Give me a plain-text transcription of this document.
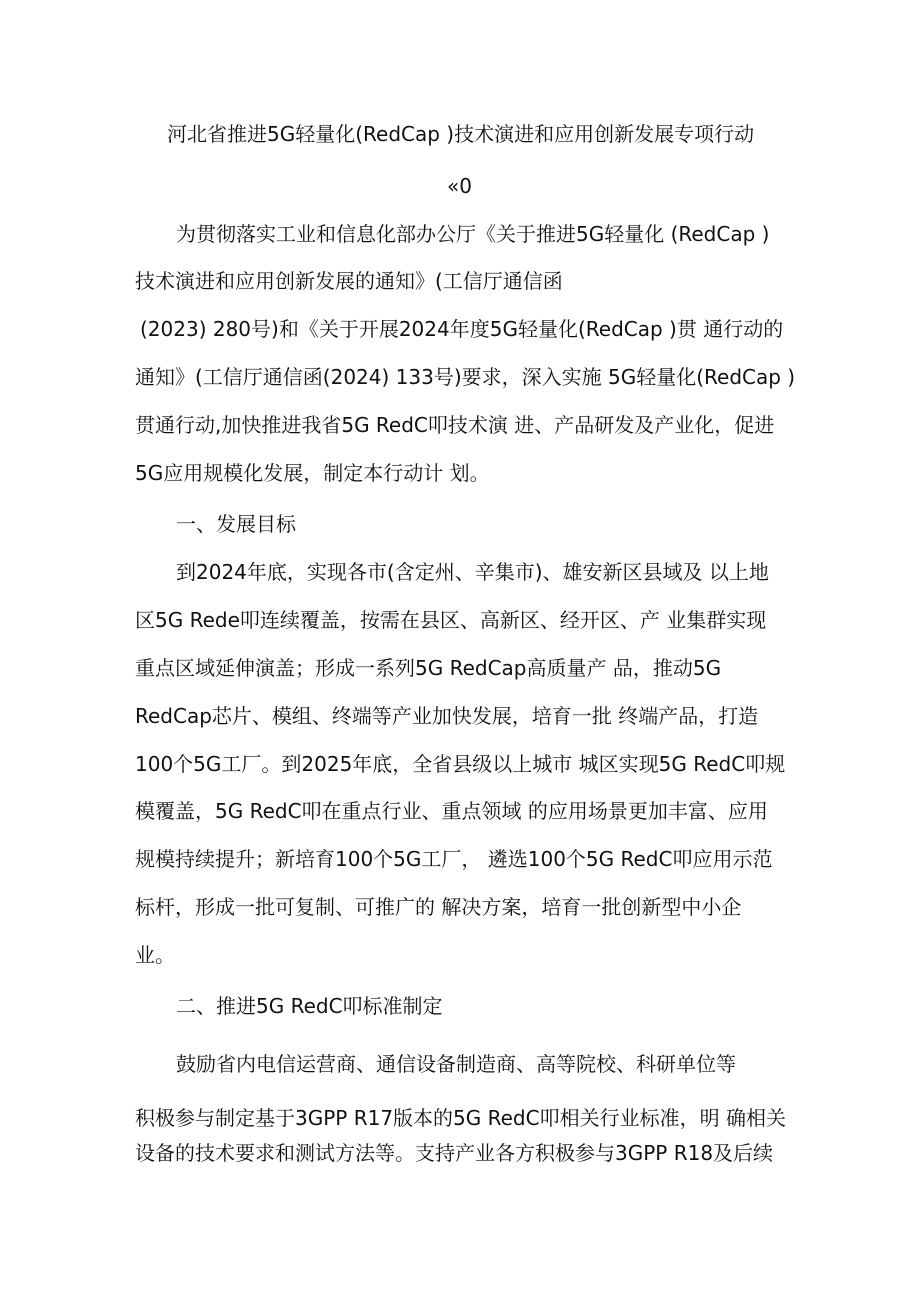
河北省推进5G轻量化(RedCap )技术演进和应用创新发展专项行动
«0
为贯彻落实工业和信息化部办公厅《关于推进5G轻量化 (RedCap )
技术演进和应用创新发展的通知》(工信厅通信函
(2023) 280号)和《关于开展2024年度5G轻量化(RedCap )贯 通行动的
通知》(工信厅通信函(2024) 133号)要求，深入实施 5G轻量化(RedCap )
贯通行动,加快推进我省5G RedC叩技术演 进、产品研发及产业化，促进
5G应用规模化发展，制定本行动计 划。
一、发展目标
到2024年底，实现各市(含定州、辛集市)、雄安新区县域及 以上地
区5G Rede叩连续覆盖，按需在县区、高新区、经开区、产 业集群实现
重点区域延伸演盖；形成一系列5G RedCap高质量产 品，推动5G
RedCap芯片、模组、终端等产业加快发展，培育一批 终端产品，打造
100个5G工厂。到2025年底，全省县级以上城市 城区实现5G RedC叩规
模覆盖，5G RedC叩在重点行业、重点领域 的应用场景更加丰富、应用
规模持续提升；新培育100个5G工厂， 遴选100个5G RedC叩应用示范
标杆，形成一批可复制、可推广的 解决方案，培育一批创新型中小企
业。
二、推进5G RedC叩标准制定
鼓励省内电信运营商、通信设备制造商、高等院校、科研单位等
积极参与制定基于3GPP R17版本的5G RedC叩相关行业标准，明 确相关
设备的技术要求和测试方法等。支持产业各方积极参与3GPP R18及后续
